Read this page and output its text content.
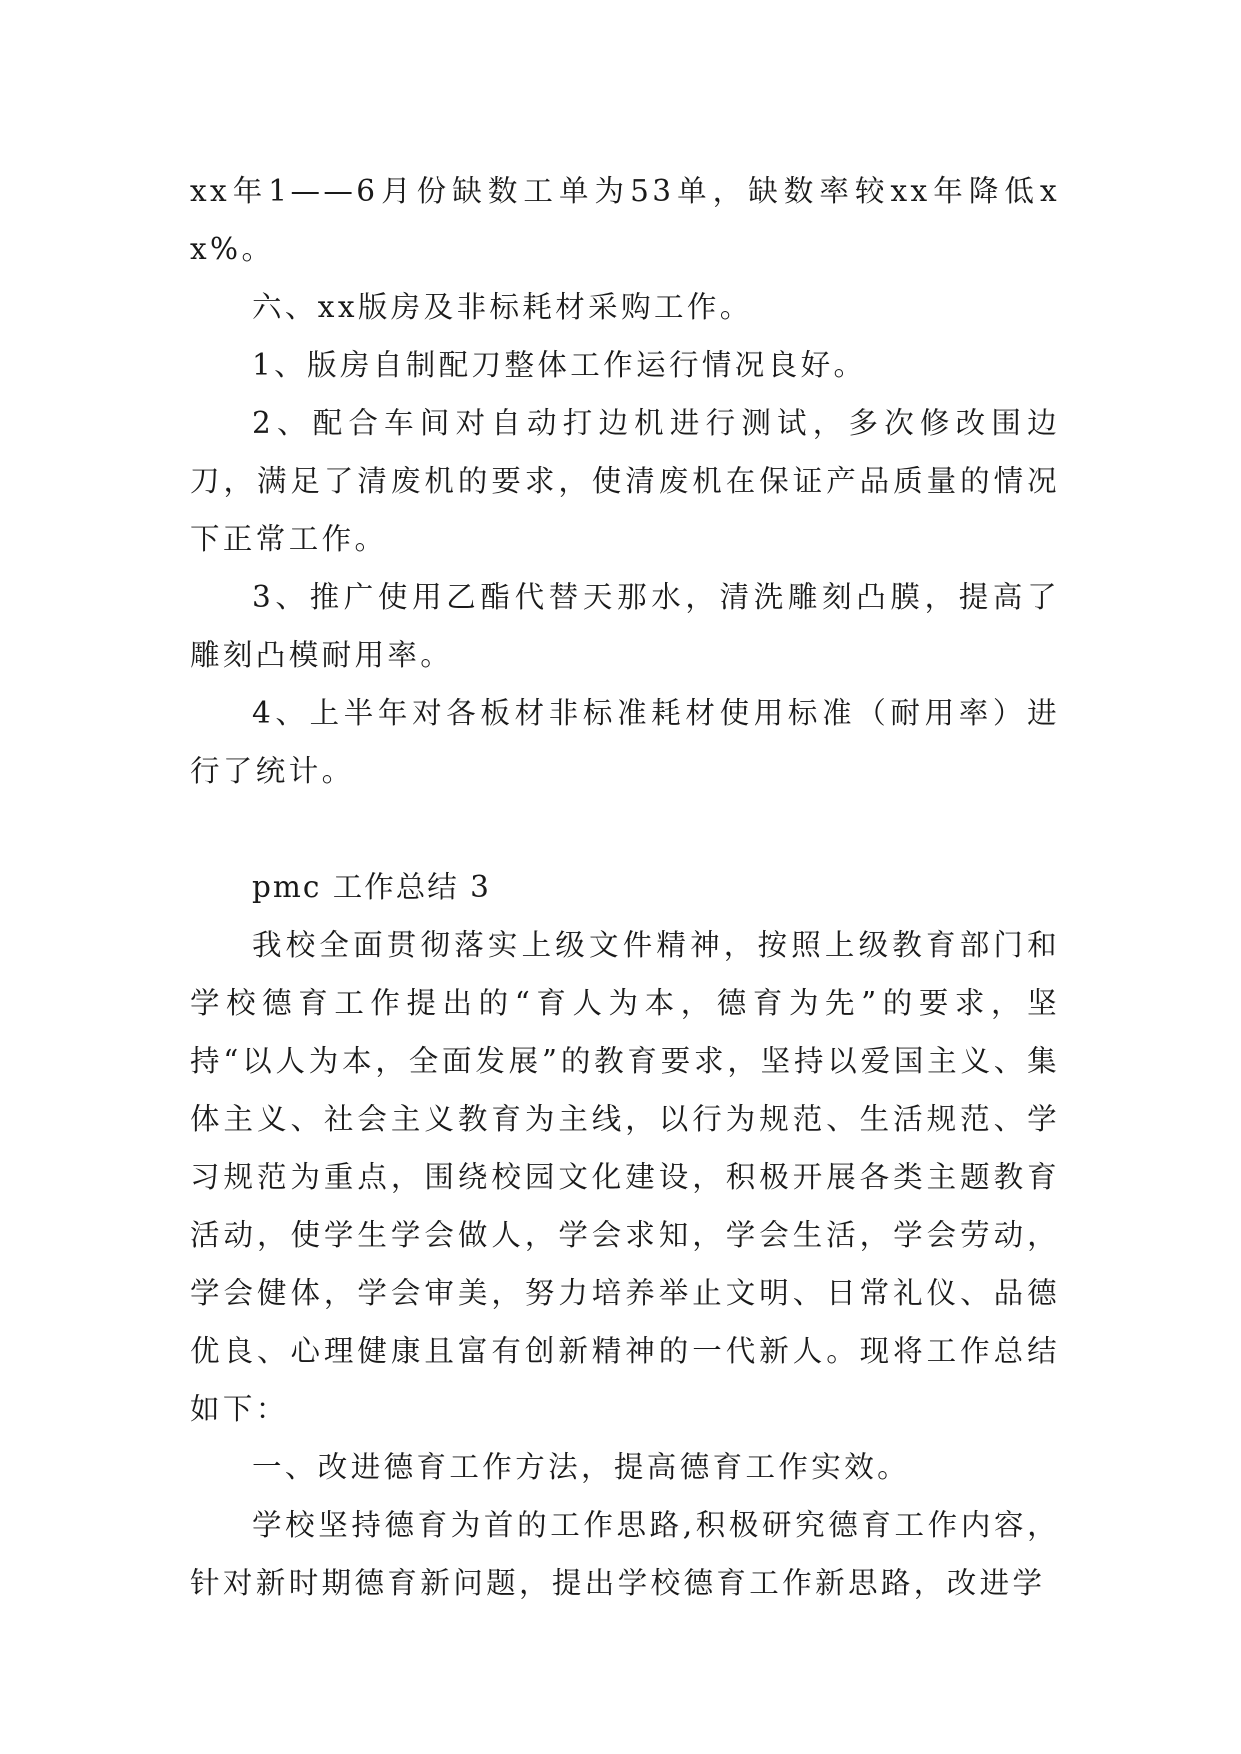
xx年1——6月份缺数工单为53单，缺数率较xx年降低xx%。

六、xx版房及非标耗材采购工作。

1、版房自制配刀整体工作运行情况良好。

2、配合车间对自动打边机进行测试，多次修改围边刀，满足了清废机的要求，使清废机在保证产品质量的情况下正常工作。

3、推广使用乙酯代替天那水，清洗雕刻凸膜，提高了雕刻凸模耐用率。

4、上半年对各板材非标准耗材使用标准（耐用率）进行了统计。

pmc 工作总结 3

我校全面贯彻落实上级文件精神，按照上级教育部门和学校德育工作提出的“育人为本，德育为先”的要求，坚持“以人为本，全面发展”的教育要求，坚持以爱国主义、集体主义、社会主义教育为主线，以行为规范、生活规范、学习规范为重点，围绕校园文化建设，积极开展各类主题教育活动，使学生学会做人，学会求知，学会生活，学会劳动，学会健体，学会审美，努力培养举止文明、日常礼仪、品德优良、心理健康且富有创新精神的一代新人。现将工作总结如下：

一、改进德育工作方法，提高德育工作实效。

学校坚持德育为首的工作思路,积极研究德育工作内容，针对新时期德育新问题，提出学校德育工作新思路，改进学
